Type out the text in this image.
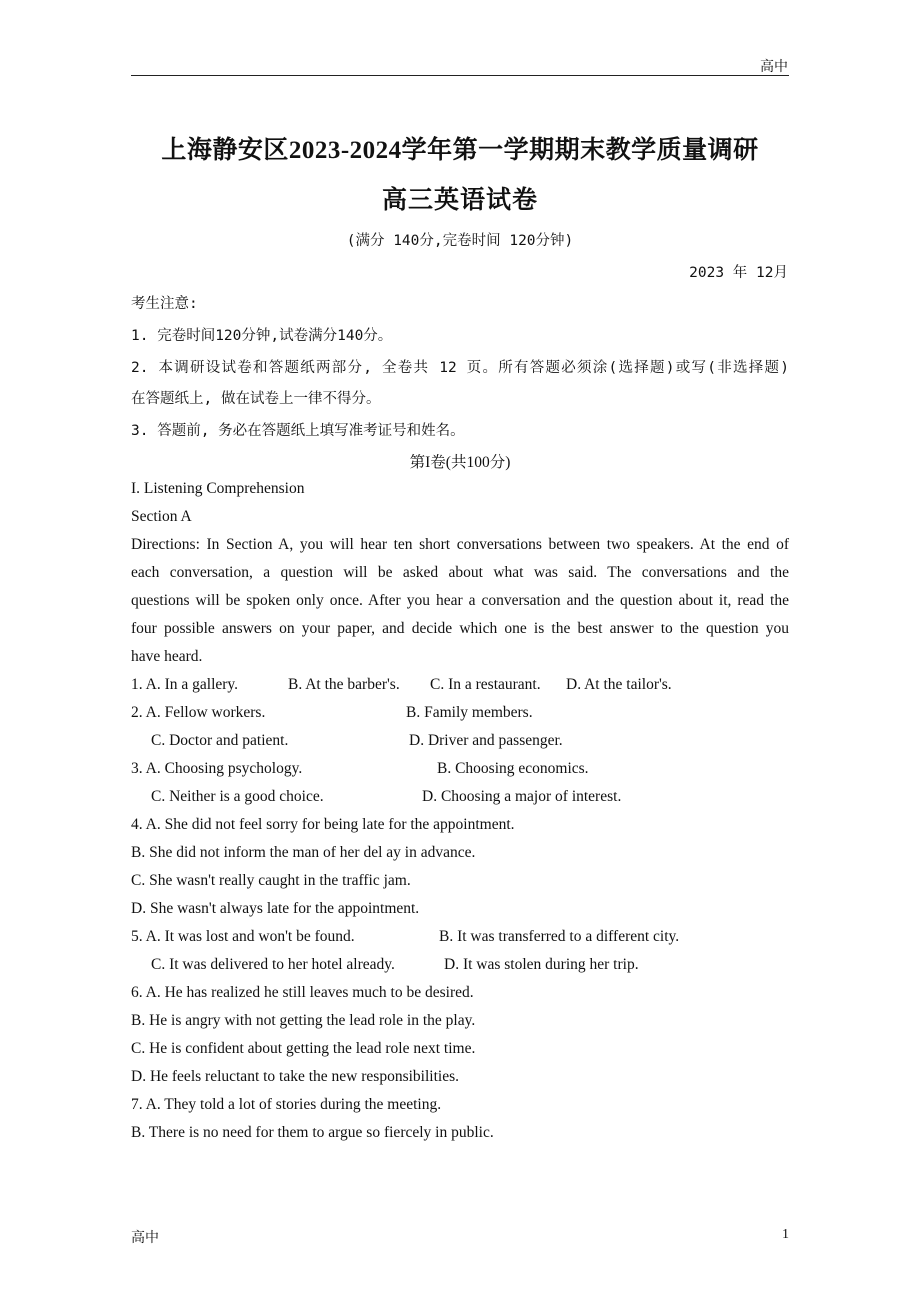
高中
上海静安区2023-2024学年第一学期期末教学质量调研
高三英语试卷
(满分 140分,完卷时间 120分钟)
2023 年 12月
考生注意:
1. 完卷时间120分钟,试卷满分140分。
2. 本调研设试卷和答题纸两部分, 全卷共 12 页。所有答题必须涂(选择题)或写(非选择题)
在答题纸上, 做在试卷上一律不得分。
3. 答题前, 务必在答题纸上填写准考证号和姓名。
第I卷(共100分)
I. Listening Comprehension
Section A
Directions: In Section A, you will hear ten short conversations between two speakers. At the end of
each conversation, a question will be asked about what was said. The conversations and the
questions will be spoken only once. After you hear a conversation and the question about it, read the
four possible answers on your paper, and decide which one is the best answer to the question you
have heard.
1. A. In a gallery.	B. At the barber's. C. In a restaurant. D. At the tailor's.
2. A. Fellow workers.	B. Family members.
C. Doctor and patient.	D. Driver and passenger.
3. A. Choosing psychology.	B. Choosing economics.
C. Neither is a good choice.	D. Choosing a major of interest.
4. A. She did not feel sorry for being late for the appointment.
B. She did not inform the man of her del ay in advance.
C. She wasn't really caught in the traffic jam.
D. She wasn't always late for the appointment.
5. A. It was lost and won't be found.	B. It was transferred to a different city.
C. It was delivered to her hotel already.	D. It was stolen during her trip.
6. A. He has realized he still leaves much to be desired.
B. He is angry with not getting the lead role in the play.
C. He is confident about getting the lead role next time.
D. He feels reluctant to take the new responsibilities.
7. A. They told a lot of stories during the meeting.
B. There is no need for them to argue so fiercely in public.
高中	1
